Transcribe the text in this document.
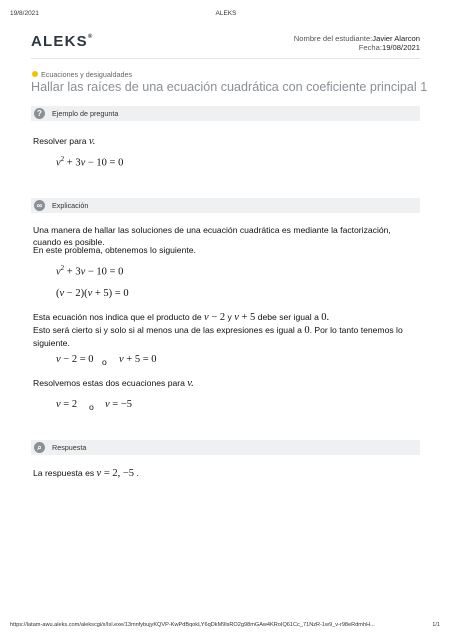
19/8/2021	ALEKS
ALEKS®	Nombre del estudiante:Javier Alarcon
Fecha:19/08/2021
Ecuaciones y desigualdades
Hallar las raíces de una ecuación cuadrática con coeficiente principal 1
?	Ejemplo de pregunta
Resolver para v.
$v^2 + 3v - 10 = 0$
∞	Explicación
Una manera de hallar las soluciones de una ecuación cuadrática es mediante la factorización, cuando es posible.
En este problema, obtenemos lo siguiente.
$v^2 + 3v - 10 = 0$
(v − 2)(v + 5) = 0
Esta ecuación nos indica que el producto de v − 2 y v + 5 debe ser igual a 0.
Esto será cierto si y solo si al menos una de las expresiones es igual a 0. Por lo tanto tenemos lo siguiente.
v − 2 = 0 o v + 5 = 0
Resolvemos estas dos ecuaciones para v.
v = 2 o v = −5
⌕	Respuesta
La respuesta es v = 2, −5 .
https://latam-awu.aleks.com/alekscgi/x/Isl.exe/13mnfybujyKQVP-KwPdBqokLY6qDkM9lsRO2g98mGAw4KRoIQ61Cc_71NzR-1w9_v-r98eRdmhH...	1/1
